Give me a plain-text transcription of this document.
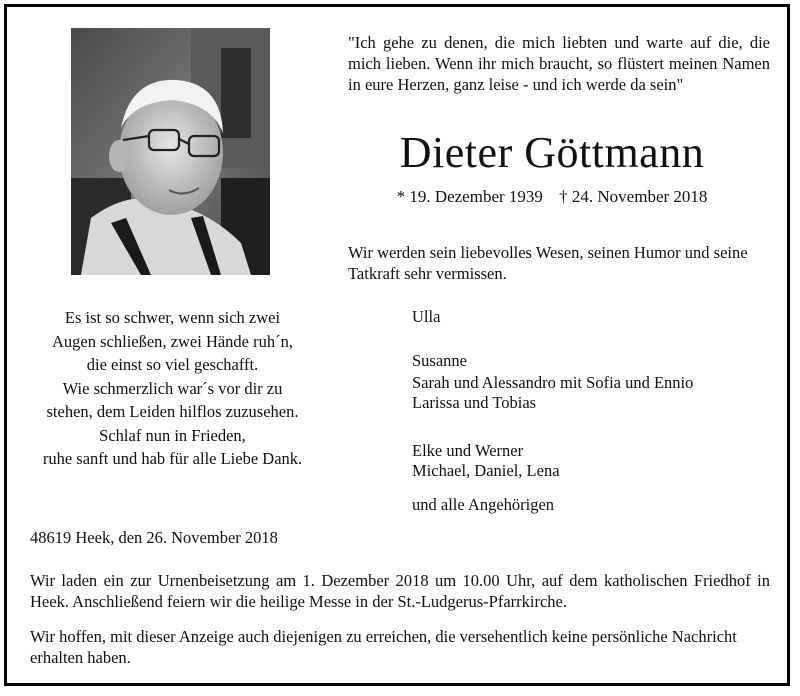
"Ich gehe zu denen, die mich liebten und warte auf die, die mich lieben. Wenn ihr mich braucht, so flüstert meinen Namen in eure Herzen, ganz leise - und ich werde da sein"
Dieter Göttmann
* 19. Dezember 1939 † 24. November 2018
Wir werden sein liebevolles Wesen, seinen Humor und seine Tatkraft sehr vermissen.
Es ist so schwer, wenn sich zwei
Augen schließen, zwei Hände ruh´n,
die einst so viel geschafft.
Wie schmerzlich war´s vor dir zu
stehen, dem Leiden hilflos zuzusehen.
Schlaf nun in Frieden,
ruhe sanft und hab für alle Liebe Dank.
Ulla
Susanne
Sarah und Alessandro mit Sofia und Ennio
Larissa und Tobias
Elke und Werner
Michael, Daniel, Lena
und alle Angehörigen
48619 Heek, den 26. November 2018
Wir laden ein zur Urnenbeisetzung am 1. Dezember 2018 um 10.00 Uhr, auf dem katholischen Friedhof in Heek. Anschließend feiern wir die heilige Messe in der St.-Ludgerus-Pfarrkirche.
Wir hoffen, mit dieser Anzeige auch diejenigen zu erreichen, die versehentlich keine persönliche Nachricht erhalten haben.
